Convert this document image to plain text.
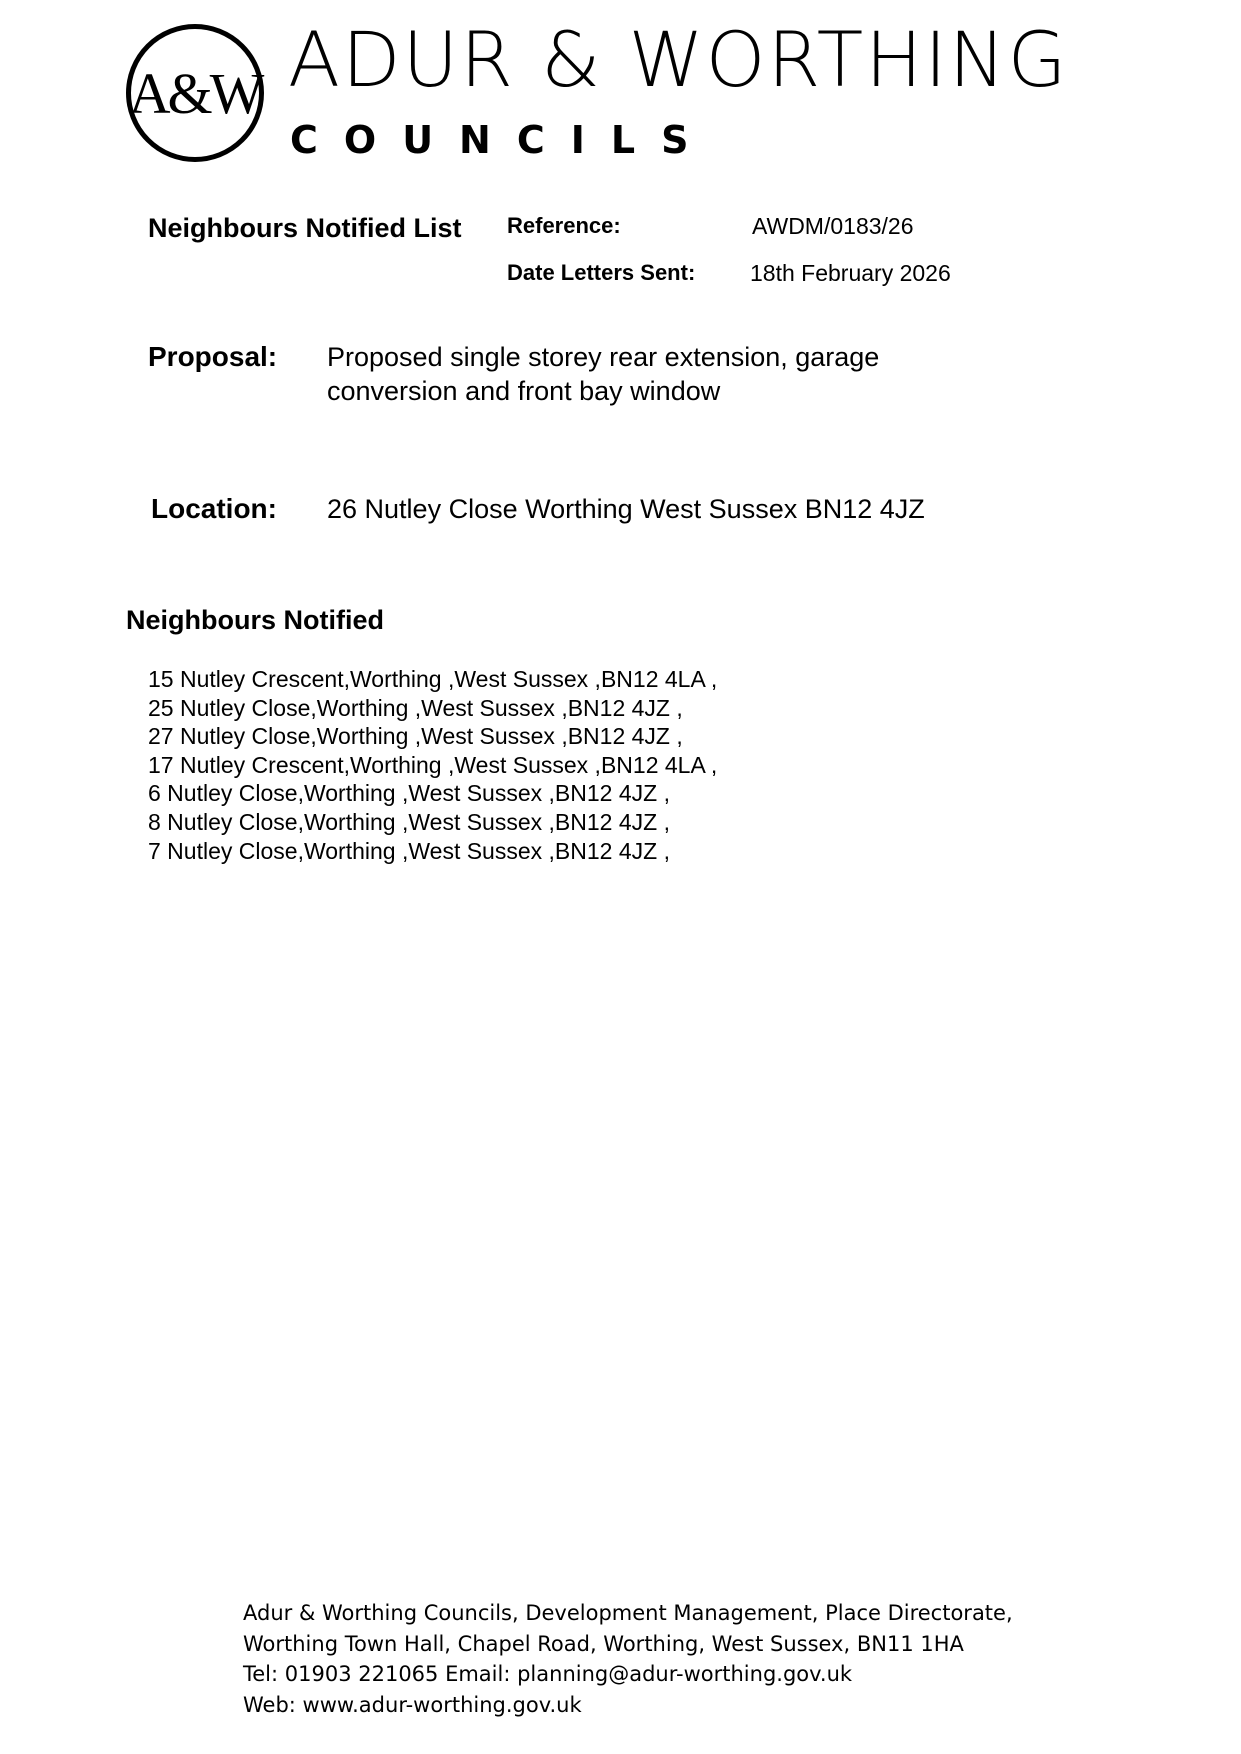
A&W ADUR & WORTHING
COUNCILS
Neighbours Notified List Reference:	AWDM/0183/26
Date Letters Sent: 18th February 2026
Proposal: Proposed single storey rear extension, garage conversion and front bay window
Location: 26 Nutley Close Worthing West Sussex BN12 4JZ
Neighbours Notified
15 Nutley Crescent,Worthing ,West Sussex ,BN12 4LA ,
25 Nutley Close,Worthing ,West Sussex ,BN12 4JZ ,
27 Nutley Close,Worthing ,West Sussex ,BN12 4JZ ,
17 Nutley Crescent,Worthing ,West Sussex ,BN12 4LA ,
6 Nutley Close,Worthing ,West Sussex ,BN12 4JZ ,
8 Nutley Close,Worthing ,West Sussex ,BN12 4JZ ,
7 Nutley Close,Worthing ,West Sussex ,BN12 4JZ ,
Adur & Worthing Councils, Development Management, Place Directorate,
Worthing Town Hall, Chapel Road, Worthing, West Sussex, BN11 1HA
Tel: 01903 221065 Email: planning@adur-worthing.gov.uk
Web: www.adur-worthing.gov.uk
